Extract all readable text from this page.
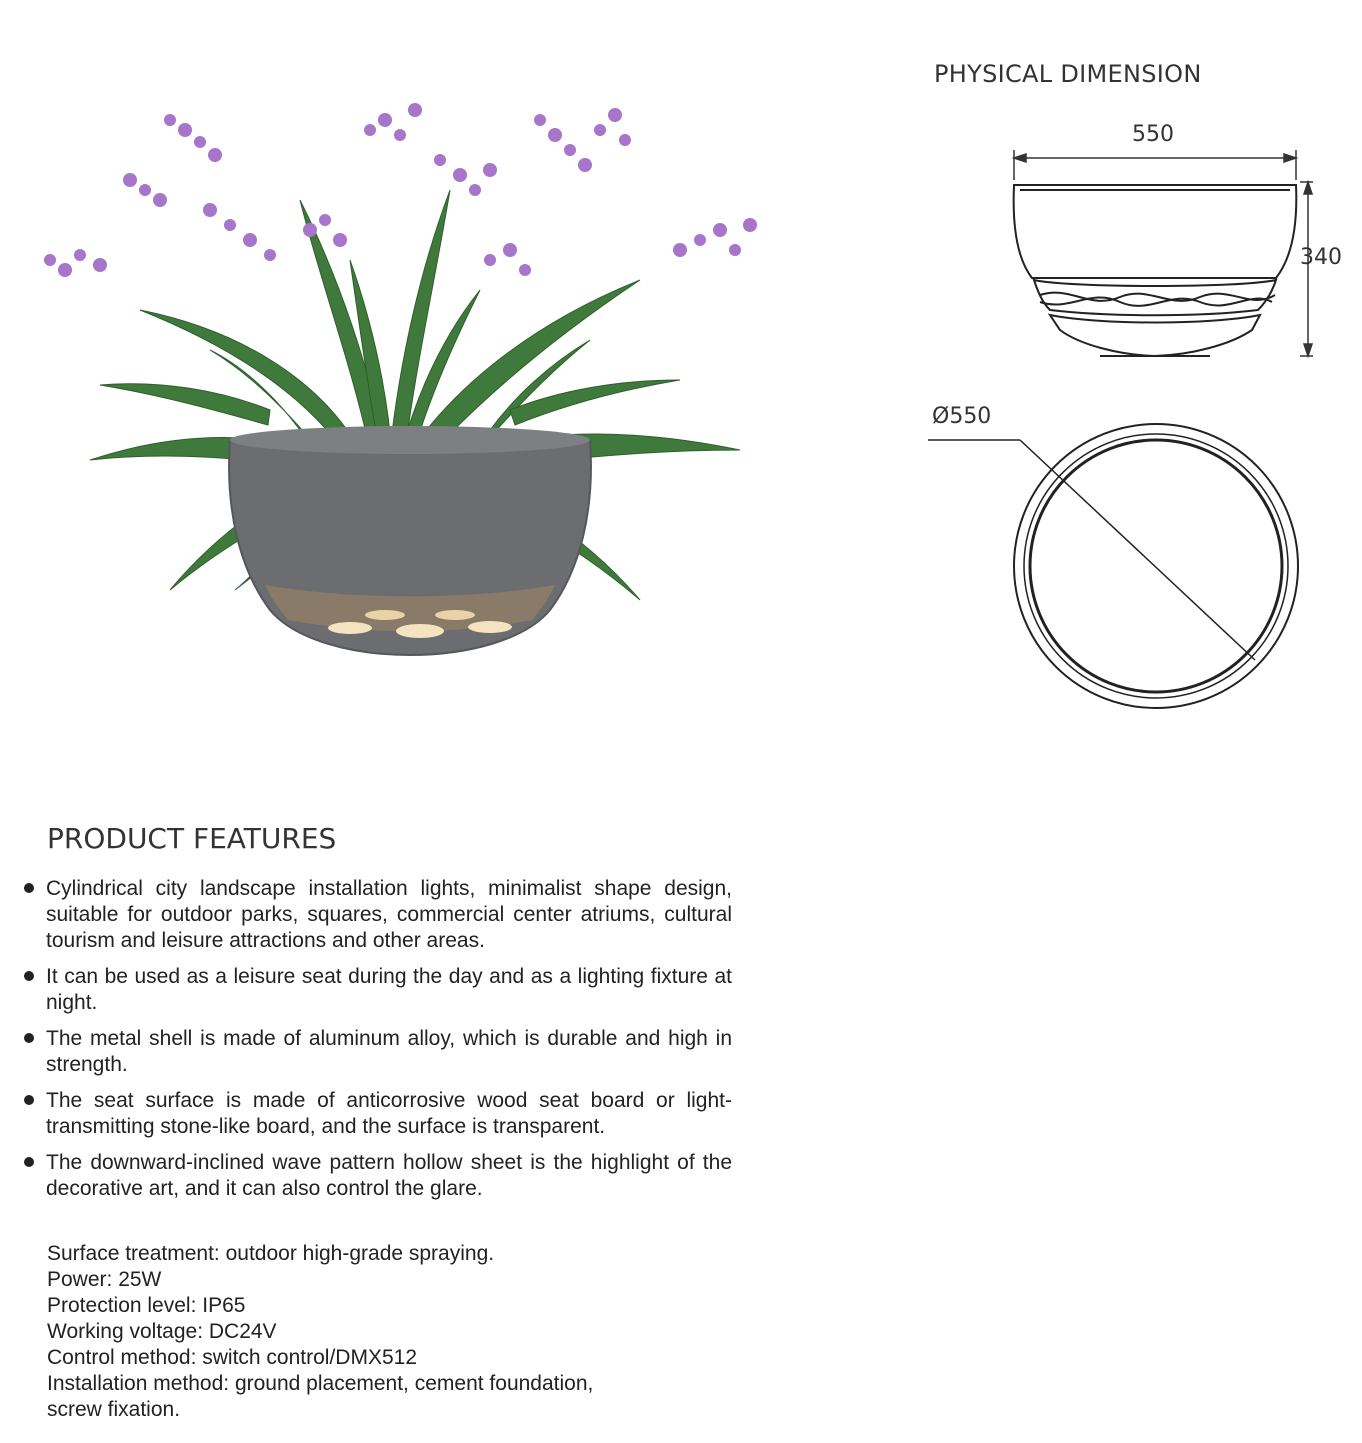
PHYSICAL DIMENSION
550
340
Ø550
PRODUCT FEATURES
Cylindrical city landscape installation lights, minimalist shape design, suitable for outdoor parks, squares, commercial center atriums, cultural tourism and leisure attractions and other areas.
It can be used as a leisure seat during the day and as a lighting fixture at night.
The metal shell is made of aluminum alloy, which is durable and high in strength.
The seat surface is made of anticorrosive wood seat board or light-transmitting stone-like board, and the surface is transparent.
The downward-inclined wave pattern hollow sheet is the highlight of the decorative art, and it can also control the glare.
Surface treatment: outdoor high-grade spraying.
Power: 25W
Protection level: IP65
Working voltage: DC24V
Control method: switch control/DMX512
Installation method: ground placement, cement foundation, screw fixation.
